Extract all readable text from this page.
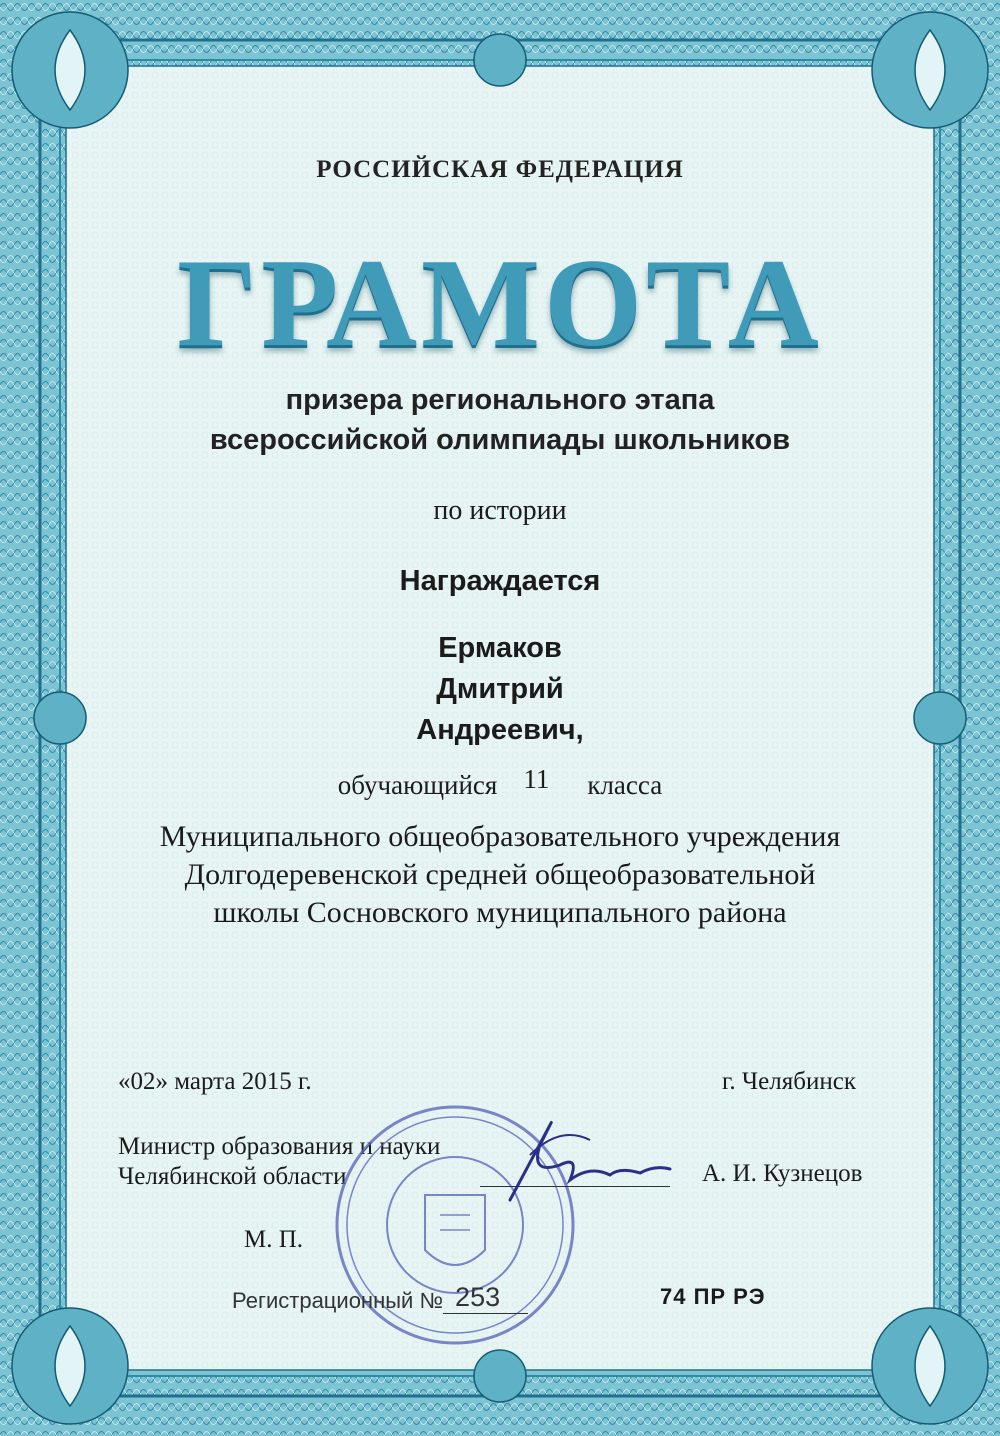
РОССИЙСКАЯ ФЕДЕРАЦИЯ
ГРАМОТА
призера регионального этапа
всероссийской олимпиады школьников
по истории
Награждается
Ермаков
Дмитрий
Андреевич,
обучающийся 11 класса
Муниципального общеобразовательного учреждения
Долгодеревенской средней общеобразовательной
школы Сосновского муниципального района
«02» марта 2015 г.	г. Челябинск
Министр образования и науки
Челябинской области	А. И. Кузнецов
М. П.
Регистрационный № 253	74 ПР РЭ
